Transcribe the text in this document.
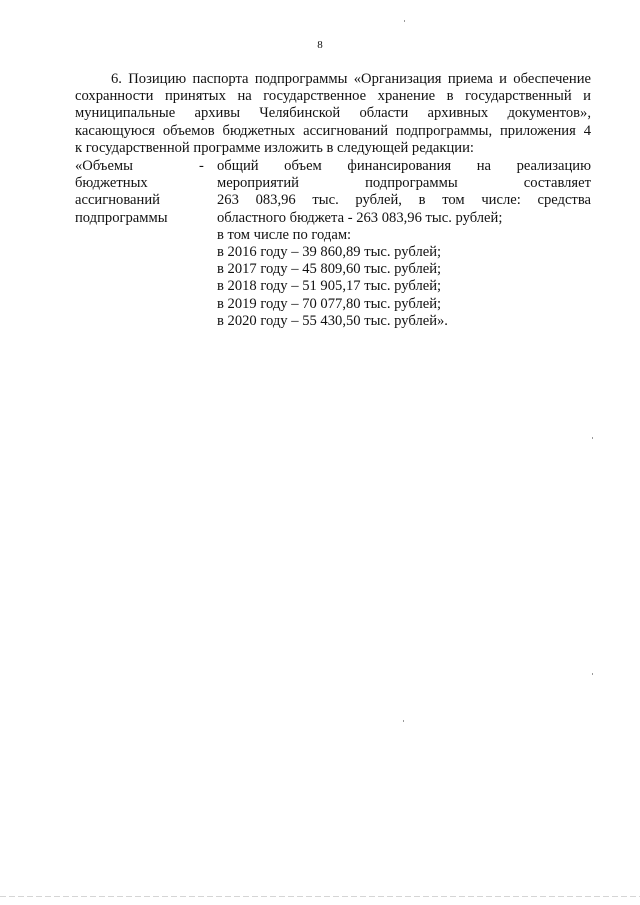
8
6. Позицию паспорта подпрограммы «Организация приема и обеспечение
сохранности принятых на государственное хранение в государственный и
муниципальные архивы Челябинской области архивных документов»,
касающуюся объемов бюджетных ассигнований подпрограммы, приложения 4
к государственной программе изложить в следующей редакции:
«Объемы
бюджетных
ассигнований
подпрограммы
- общий объем финансирования на реализацию
мероприятий подпрограммы составляет
263 083,96 тыс. рублей, в том числе: средства
областного бюджета - 263 083,96 тыс. рублей;
в том числе по годам:
в 2016 году – 39 860,89 тыс. рублей;
в 2017 году – 45 809,60 тыс. рублей;
в 2018 году – 51 905,17 тыс. рублей;
в 2019 году – 70 077,80 тыс. рублей;
в 2020 году – 55 430,50 тыс. рублей».
